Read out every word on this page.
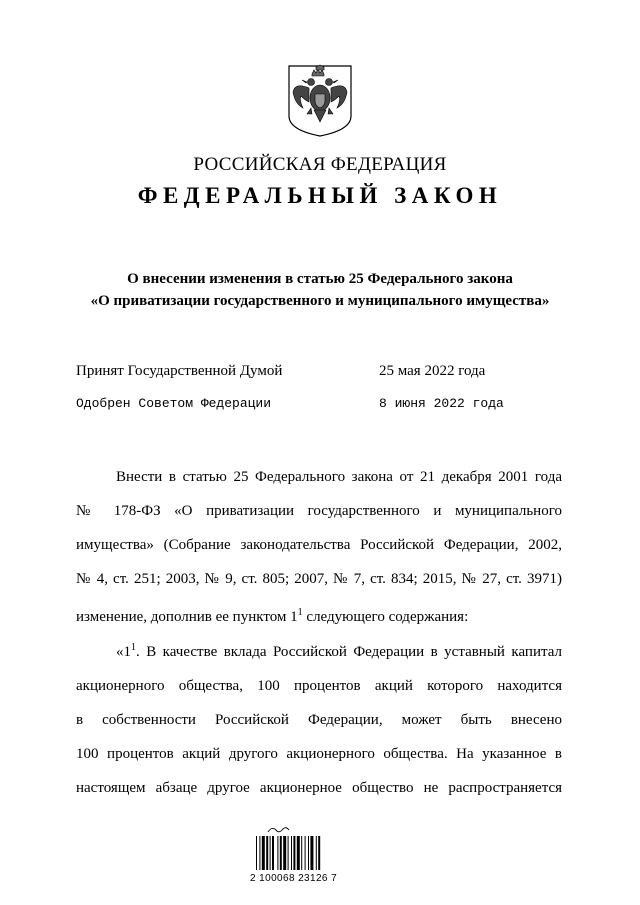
РОССИЙСКАЯ ФЕДЕРАЦИЯ
ФЕДЕРАЛЬНЫЙ ЗАКОН
О внесении изменения в статью 25 Федерального закона
«О приватизации государственного и муниципального имущества»
Принят Государственной Думой	25 мая 2022 года
Одобрен Советом Федерации	8 июня 2022 года
Внести в статью 25 Федерального закона от 21 декабря 2001 года
№ 178-ФЗ «О приватизации государственного и муниципального
имущества» (Собрание законодательства Российской Федерации, 2002,
№ 4, ст. 251; 2003, № 9, ст. 805; 2007, № 7, ст. 834; 2015, № 27, ст. 3971)
изменение, дополнив ее пунктом $1^1$ следующего содержания:
«$1^1$. В качестве вклада Российской Федерации в уставный капитал
акционерного общества, 100 процентов акций которого находится
в собственности Российской Федерации, может быть внесено
100 процентов акций другого акционерного общества. На указанное в
настоящем абзаце другое акционерное общество не распространяется
2 100068 23126 7
